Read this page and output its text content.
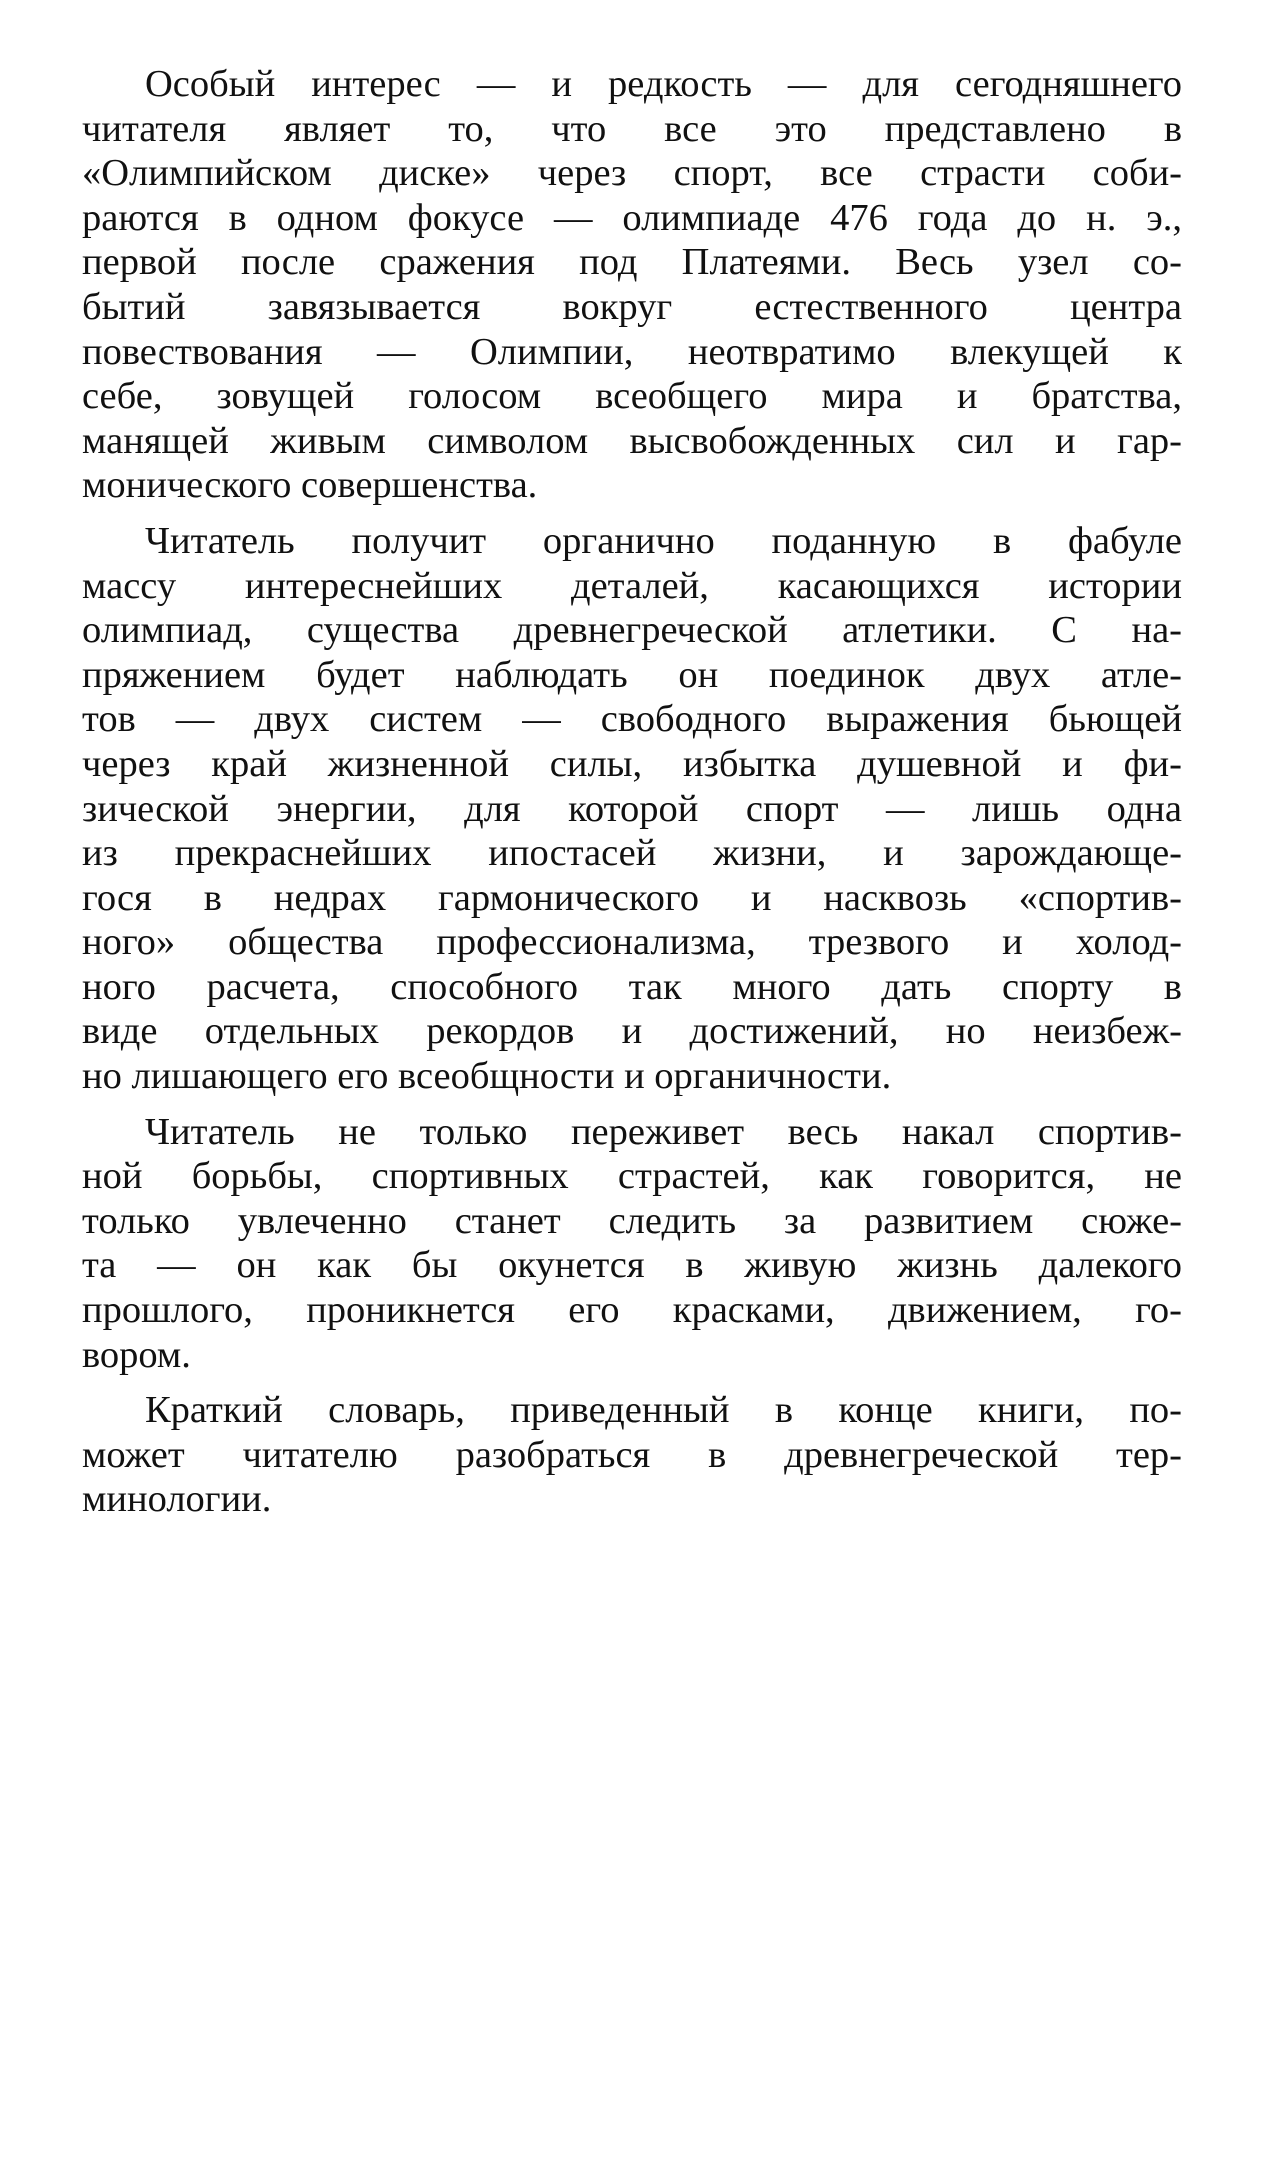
Особый интерес — и редкость — для сегодняшнего
читателя являет то, что все это представлено в
«Олимпийском диске» через спорт, все страсти соби-
раются в одном фокусе — олимпиаде 476 года до н. э.,
первой после сражения под Платеями. Весь узел со-
бытий завязывается вокруг естественного центра
повествования — Олимпии, неотвратимо влекущей к
себе, зовущей голосом всеобщего мира и братства,
манящей живым символом высвобожденных сил и гар-
монического совершенства.
Читатель получит органично поданную в фабуле
массу интереснейших деталей, касающихся истории
олимпиад, существа древнегреческой атлетики. С на-
пряжением будет наблюдать он поединок двух атле-
тов — двух систем — свободного выражения бьющей
через край жизненной силы, избытка душевной и фи-
зической энергии, для которой спорт — лишь одна
из прекраснейших ипостасей жизни, и зарождающе-
гося в недрах гармонического и насквозь «спортив-
ного» общества профессионализма, трезвого и холод-
ного расчета, способного так много дать спорту в
виде отдельных рекордов и достижений, но неизбеж-
но лишающего его всеобщности и органичности.
Читатель не только переживет весь накал спортив-
ной борьбы, спортивных страстей, как говорится, не
только увлеченно станет следить за развитием сюже-
та — он как бы окунется в живую жизнь далекого
прошлого, проникнется его красками, движением, го-
вором.
Краткий словарь, приведенный в конце книги, по-
может читателю разобраться в древнегреческой тер-
минологии.
